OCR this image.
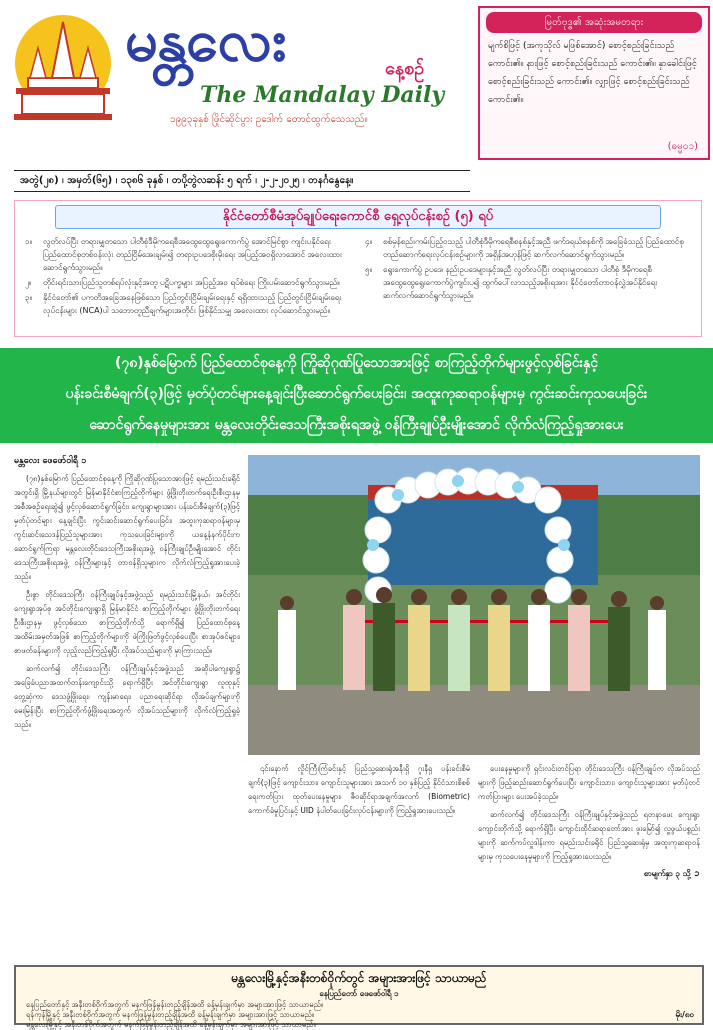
မန္တလေး	နေ့စဉ်
The Mandalay Daily
၁၉၉၃ခုနှစ် ဖြိုင်ဆိုင်ပွား ဥဒေါက် တောင်ထွက်သေသည်။
မြတ်ဗုဒ္ဓ၏ အဆုံးအမတရား
မျက်စိဖြင့် (အကုသိုလ် မဖြစ်အောင်) စောင့်စည်းခြင်းသည် ကောင်း၏။ နားဖြင့် စောင့်စည်းခြင်းသည် ကောင်း၏။ နှာခေါင်းဖြင့် စောင့်စည်းခြင်းသည် ကောင်း၏။ လျှာဖြင့် စောင့်စည်းခြင်းသည် ကောင်း၏။
(ဓမ္မ၀၁)
အတွဲ(၂၈) ၊ အမှတ်(၆၅) ၊ ၁၃၈၆ ခုနှစ် ၊ တပို့တွဲလဆန်း ၅ ရက် ၊ ၂-၂-၂၀၂၅ ၊ တနင်္ဂနွေနေ့။
နိုင်ငံတော်စီမံအုပ်ချုပ်ရေးကောင်စီ ရှေ့လုပ်ငန်းစဉ် (၅) ရပ်
၁။	လွတ်လပ်ပြီး တရားမျှတသော ပါတီစုံဒီမိုကရေစီအထွေထွေရွေးကောက်ပွဲ အောင်မြင်စွာ ကျင်းပနိုင်ရေး ပြည်ထောင်စုတစ်ဝန်းလုံး တည်ငြိမ်အေးချမ်း၍ တရားဥပဒေစိုးမိုးရေး အပြည့်အဝရှိလာအောင် အလေးထားဆောင်ရွက်သွားမည်။
၂။	တိုင်းရင်းသားပြည်သူတစ်ရပ်လုံးနှင့်အတူ ပဋိပက္ခများ အပြည့်အဝ ရပ်စဲရေး ကြိုးပမ်းဆောင်ရွက်သွားမည်။
၃။	နိုင်ငံတော်၏ ပကတိအခြေအနေဖြစ်သော ပြည်တွင်းငြိမ်းချမ်းရေးနှင့် ရရှိထားသည့် ပြည်တွင်းငြိမ်းချမ်းရေးလုပ်ငန်းများ (NCA)ပါ သဘောတူညီချက်များအတိုင်း ဖြစ်နိုင်သမျှ အလေးထား လုပ်ဆောင်သွားမည်။
၄။	စစ်မှန်စည်းကမ်းပြည့်ဝသည့် ပါတီစုံဒီမိုကရေစီစနစ်နှင့်အညီ ဖက်ဒရယ်စနစ်ကို အခြေခံသည့် ပြည်ထောင်စုတည်ဆောက်ရေးလုပ်ငန်းစဉ်များကို အရှိန်အဟုန်ဖြင့် ဆက်လက်ဆောင်ရွက်သွားမည်။
၅။	ရွေးကောက်ပွဲ ဥပဒေ၊ နည်းဥပဒေများနှင့်အညီ လွတ်လပ်ပြီး တရားမျှတသော ပါတီစုံ ဒီမိုကရေစီ အထွေထွေရွေးကောက်ပွဲကျင်းပ၍ ထွက်ပေါ်လာသည့်အစိုးရအား နိုင်ငံတော်တာဝန်လွှဲအပ်နိုင်ရေး ဆက်လက်ဆောင်ရွက်သွားမည်။
(၇၈)နှစ်မြောက် ပြည်ထောင်စုနေ့ကို ကြိုဆိုဂုဏ်ပြုသောအားဖြင့် စာကြည့်တိုက်များဖွင့်လှစ်ခြင်းနှင့်
ပန်းခင်းစီမံချက်(၃)ဖြင့် မှတ်ပုံတင်များနေ့ချင်းပြီးဆောင်ရွက်ပေးခြင်း၊ အထူးကုဆရာဝန်များမှ ကွင်းဆင်းကုသပေးခြင်း
ဆောင်ရွက်နေမှုများအား မန္တလေးတိုင်းဒေသကြီးအစိုးရအဖွဲ့ ဝန်ကြီးချုပ်ဦးမျိုးအောင် လိုက်လံကြည့်ရှုအားပေး
မန္တလေး ဖေဖော်ဝါရီ ၁

(၇၈)နှစ်မြောက် ပြည်ထောင်စုနေ့ကို ကြိုဆိုဂုဏ်ပြုသောအားဖြင့် ရမည်းသင်းခရိုင်အတွင်းရှိ မြို့နယ်များတွင် မြန်မာနိုင်ငံစာကြည့်တိုက်များ ဖွံ့ဖြိုးတိုးတက်ရေးဦးစီးဌာနမှ အစီအစဉ်ရေးဆွဲ၍ ဖွင့်လှစ်ဆောင်ရွက်ခြင်း၊ ကျေးရွာများအား ပန်းခင်းစီမံချက်(၃)ဖြင့် မှတ်ပုံတင်များ နေ့ချင်းပြီး ကွင်းဆင်းဆောင်ရွက်ပေးခြင်း၊ အထူးကုဆရာဝန်များမှ ကွင်းဆင်းသေဒန်ပြည်သူများအား ကုသပေးခြင်းများကို ယနေ့နံနက်ပိုင်းက ဆောင်ရွက်ကြရာ မန္တလေးတိုင်းဒေသကြီးအစိုးရအဖွဲ့ ဝန်ကြီးချုပ်ဦးမျိုးအောင် တိုင်းဒေသကြီးအစိုးရအဖွဲ့ ဝန်ကြီးများနှင့် တာဝန်ရှိသူများက လိုက်လံကြည့်ရှုအားပေးခဲ့သည်။

ဦးစွာ တိုင်းဒေသကြီး ဝန်ကြီးချုပ်နှင့်အဖွဲ့သည် ရမည်းသင်းမြို့နယ်၊ အင်တိုင်းကျေးရွာအုပ်စု အင်တိုင်းကျေးရွာရှိ မြန်မာနိုင်ငံ စာကြည့်တိုက်များ ဖွံ့ဖြိုးတိုးတက်ရေးဦးစီးဌာနမှ ဖွင့်လှစ်သော စာကြည့်တိုက်သို့ ရောက်ရှိ၍ ပြည်ထောင်စုနေ့အထိမ်းအမှတ်အဖြစ် စာကြည့်တိုက်များကို ဖဲကြိုးဖြတ်ဖွင့်လှစ်ပေးပြီး စာအုပ်စင်များ၊ စာဖတ်ခန်းများကို လှည့်လည်ကြည့်ရှုပြီး လိုအပ်သည်များကို မှာကြားသည်။

ဆက်လက်၍ တိုင်းဒေသကြီး ဝန်ကြီးချုပ်နှင့်အဖွဲ့သည် အဆိုပါကျေးရွာ၌ အခြေခံပညာအထက်တန်းကျောင်းသို့ ရောက်ရှိပြီး အင်တိုင်းကျေးရွာ လူထုနှင့် တွေ့ဆုံကာ ဒေသဖွံ့ဖြိုးရေး၊ ကျန်းမာရေး၊ ပညာရေးဆိုင်ရာ လိုအပ်ချက်များကို မေးမြန်းပြီး စာကြည့်တိုက်ဖွံ့ဖြိုးရေးအတွက် လိုအပ်သည်များကို လိုက်လံကြည့်ရှုခဲ့သည်။

၎င်းနောက် လှိုင်ကြီးကြံခင်းနှင့် ပြည်သူ့ဆေးရုံအနီးရှိ ဂူးနီရှ ပန်းခင်းစီမံချက်(၃)ဖြင့် ကျောင်းသား၊ ကျောင်းသူများအား အသက် ၁၀ နှစ်ပြည့် နိုင်ငံသားစိစစ်ရေးကတ်ပြား ထုတ်ပေးနေမှုများ၊ ဇီဝဆိုင်ရာအချက်အလက် (Biometric) ကောက်ခံမှုပြင်းနှင့် UID နံပါတ်ပေးခြင်းလုပ်ငန်းများကို ကြည့်ရှုအားပေးသည်။

ပေးနေမှုများကို ရှင်းလင်းတင်ပြရာ တိုင်းဒေသကြီး ဝန်ကြီးချုပ်က လိုအပ်သည်များကို ဖြည့်ဆည်းဆောင်ရွက်ပေးပြီး ကျောင်းသား၊ ကျောင်းသူများအား မှတ်ပုံတင်ကတ်ပြားများ ပေးအပ်ခဲ့သည်။

ဆက်လက်၍ တိုင်းဒေသကြီး ဝန်ကြီးချုပ်နှင့်အဖွဲ့သည် ရတနာဖေး ကျေးရွာကျောင်းတိုက်သို့ ရောက်ရှိပြီး ကျောင်းထိုင်ဆရာတော်အား ဖူးမြော်၍ လှူဖွယ်ပစ္စည်းများကို ဆက်ကပ်လှူဒါန်းကာ ရမည်းသင်းခရိုင် ပြည်သူ့ဆေးရုံမှ အထူးကုဆရာဝန်များမှ ကုသပေးနေမှုများကို ကြည့်ရှုအားပေးသည်။

စာမျက်နှာ ၃ သို့ ➲
မန္တလေးမြို့နှင့်အနီးတစ်ဝိုက်တွင် အများအားဖြင့် သာယာမည်
နေပြည်တော် ဖေဖော်ဝါရီ ၁
နေပြည်တော်နှင့် အနီးတစ်ဝိုက်အတွက် မနက်ဖြန်မွန်းတည့်ချိန်အထိ ခန့်မှန်းချက်မှာ အများအားဖြင့် သာယာမည်။
ရန်ကုန်မြို့နှင့် အနီးတစ်ဝိုက်အတွက် မနက်ဖြန်မွန်းတည့်ချိန်အထိ ခန့်မှန်းချက်မှာ အများအားဖြင့် သာယာမည်။
မန္တလေးမြို့နှင့် အနီးတစ်ဝိုက်အတွက် မနက်ဖြန်မွန်းတည့်ချိန်အထိ ခန့်မှန်းချက်မှာ အများအားဖြင့် သာယာမည်။
မိုး/၈၀
